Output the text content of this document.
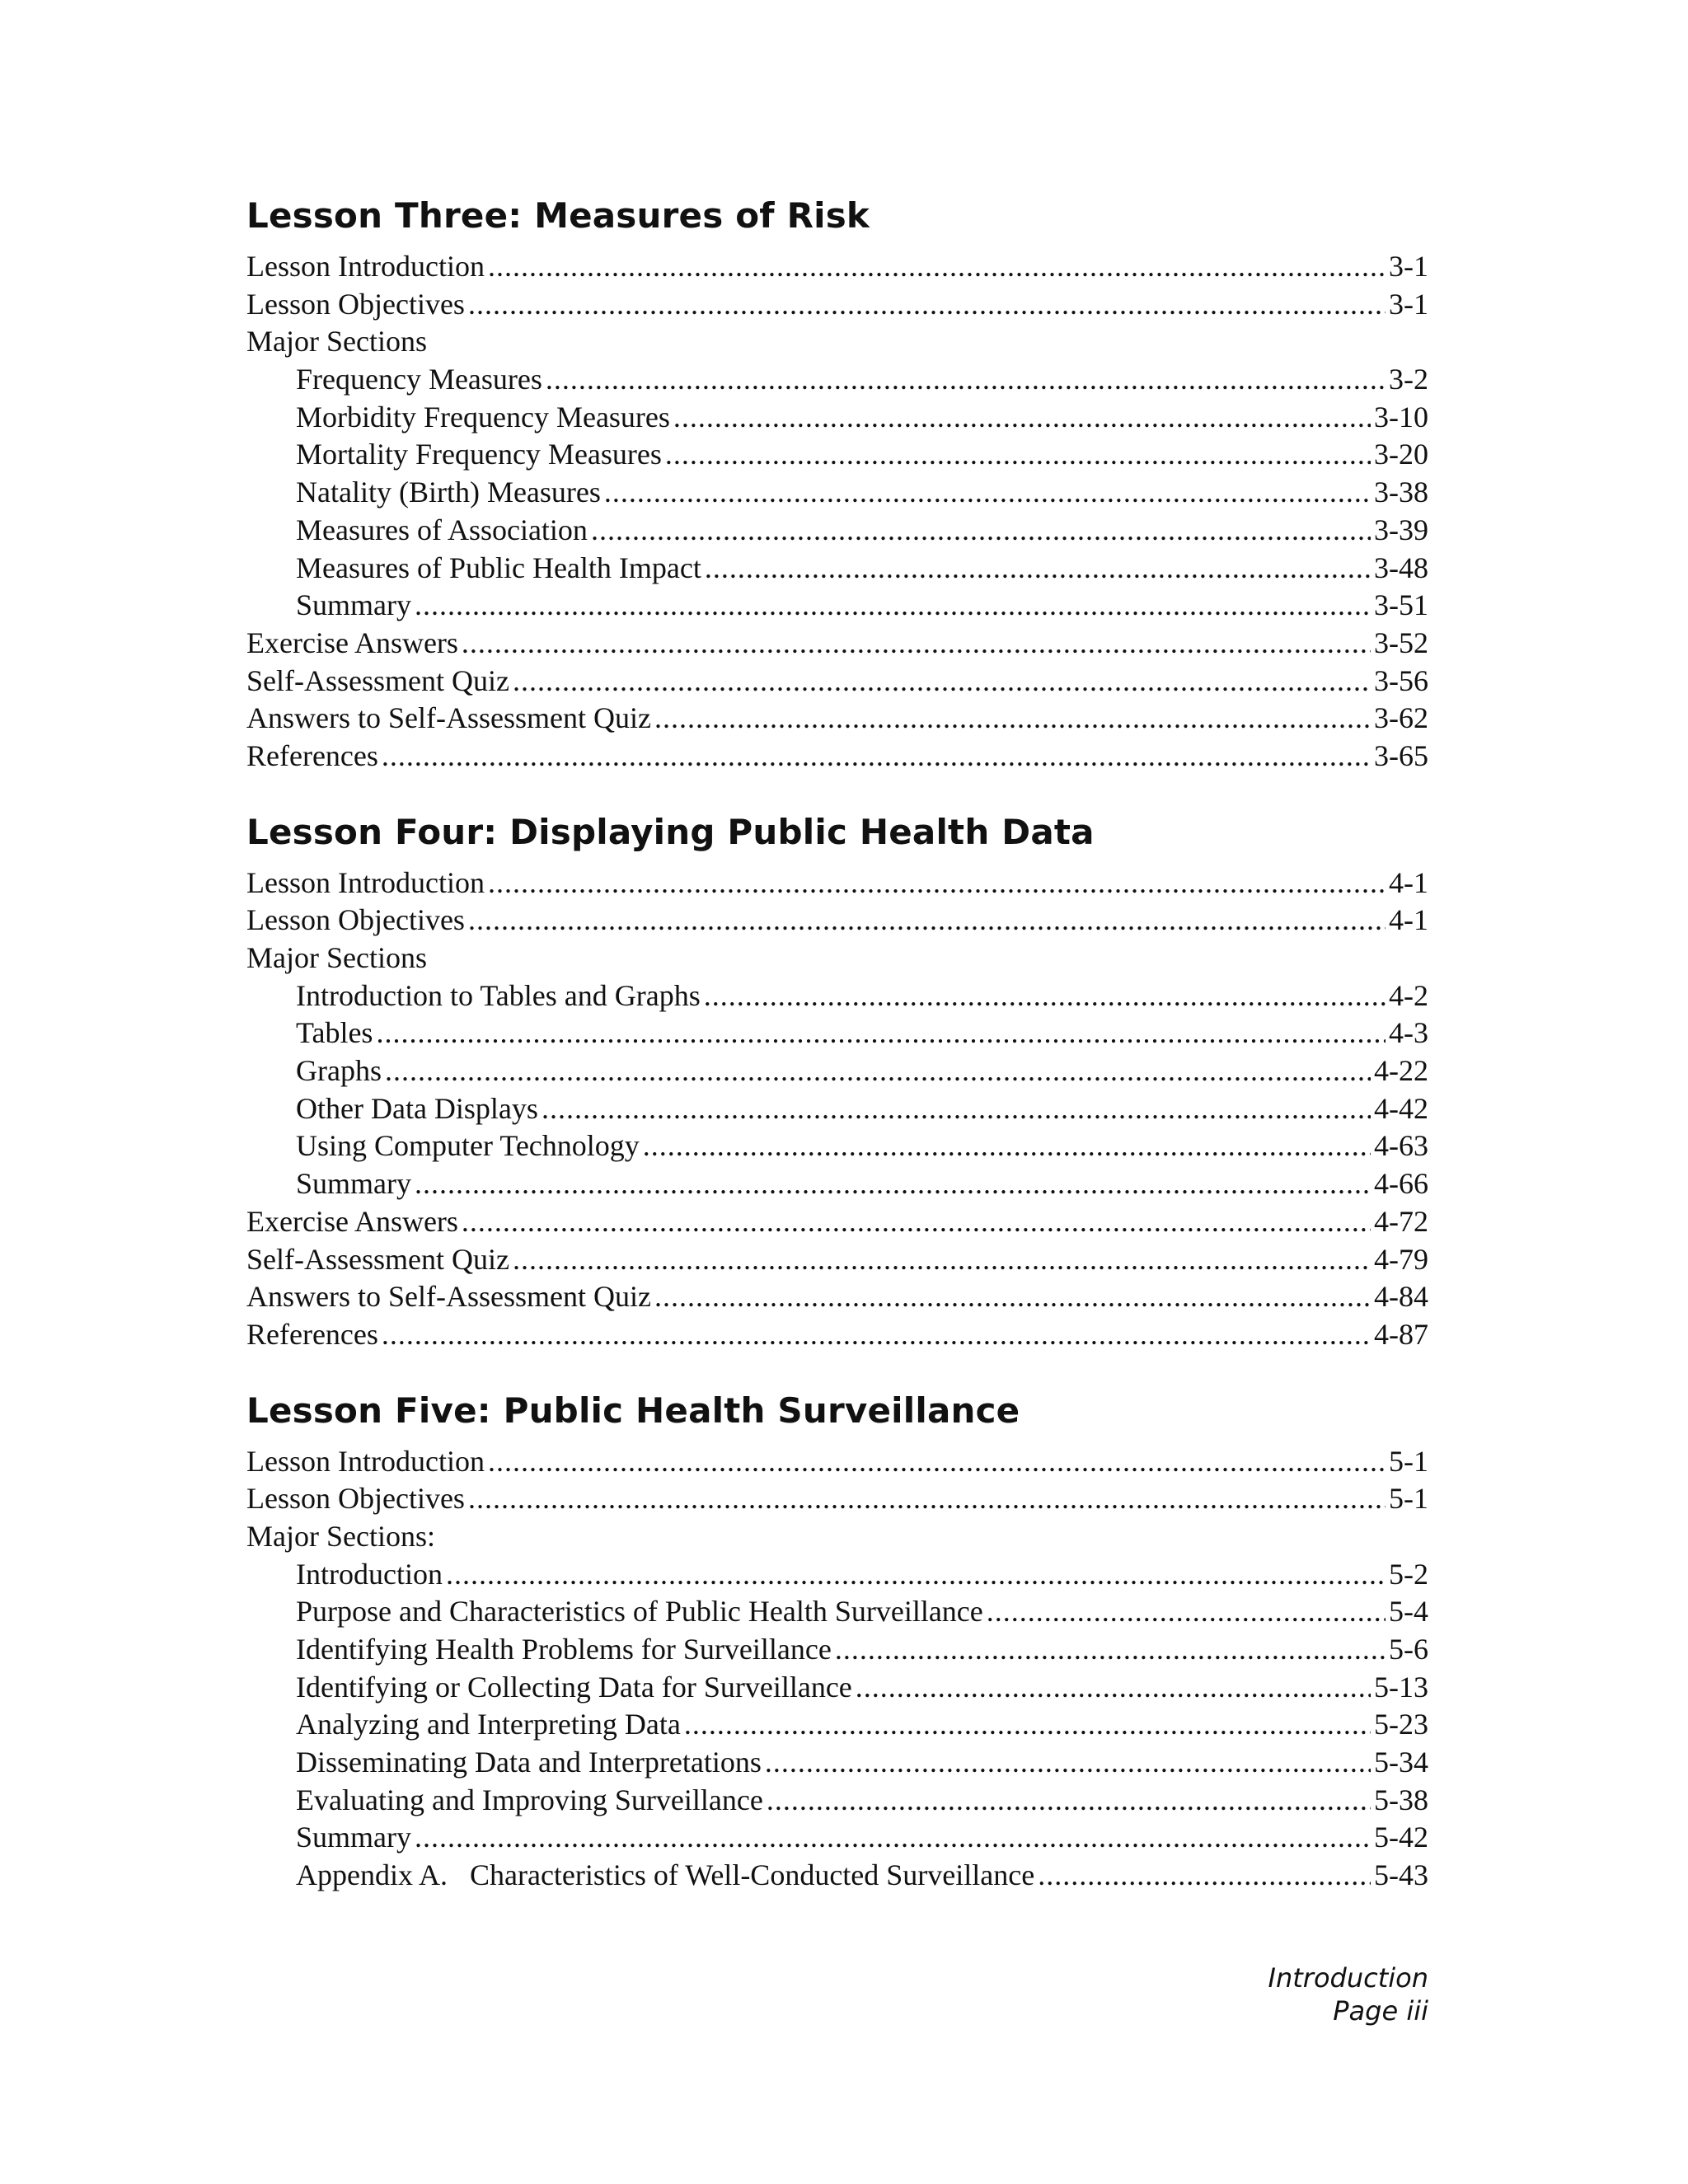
Lesson Three: Measures of Risk
Lesson Introduction .....	3-1
Lesson Objectives .....	3-1
Major Sections
Frequency Measures .....	3-2
Morbidity Frequency Measures .....	3-10
Mortality Frequency Measures .....	3-20
Natality (Birth) Measures .....	3-38
Measures of Association .....	3-39
Measures of Public Health Impact .....	3-48
Summary .....	3-51
Exercise Answers .....	3-52
Self-Assessment Quiz .....	3-56
Answers to Self-Assessment Quiz .....	3-62
References .....	3-65
Lesson Four: Displaying Public Health Data
Lesson Introduction .....	4-1
Lesson Objectives .....	4-1
Major Sections
Introduction to Tables and Graphs .....	4-2
Tables .....	4-3
Graphs .....	4-22
Other Data Displays .....	4-42
Using Computer Technology .....	4-63
Summary .....	4-66
Exercise Answers .....	4-72
Self-Assessment Quiz .....	4-79
Answers to Self-Assessment Quiz .....	4-84
References .....	4-87
Lesson Five: Public Health Surveillance
Lesson Introduction .....	5-1
Lesson Objectives .....	5-1
Major Sections:
Introduction .....	5-2
Purpose and Characteristics of Public Health Surveillance .....	5-4
Identifying Health Problems for Surveillance .....	5-6
Identifying or Collecting Data for Surveillance .....	5-13
Analyzing and Interpreting Data .....	5-23
Disseminating Data and Interpretations .....	5-34
Evaluating and Improving Surveillance .....	5-38
Summary .....	5-42
Appendix A.   Characteristics of Well-Conducted Surveillance .....	5-43
Introduction
Page iii
